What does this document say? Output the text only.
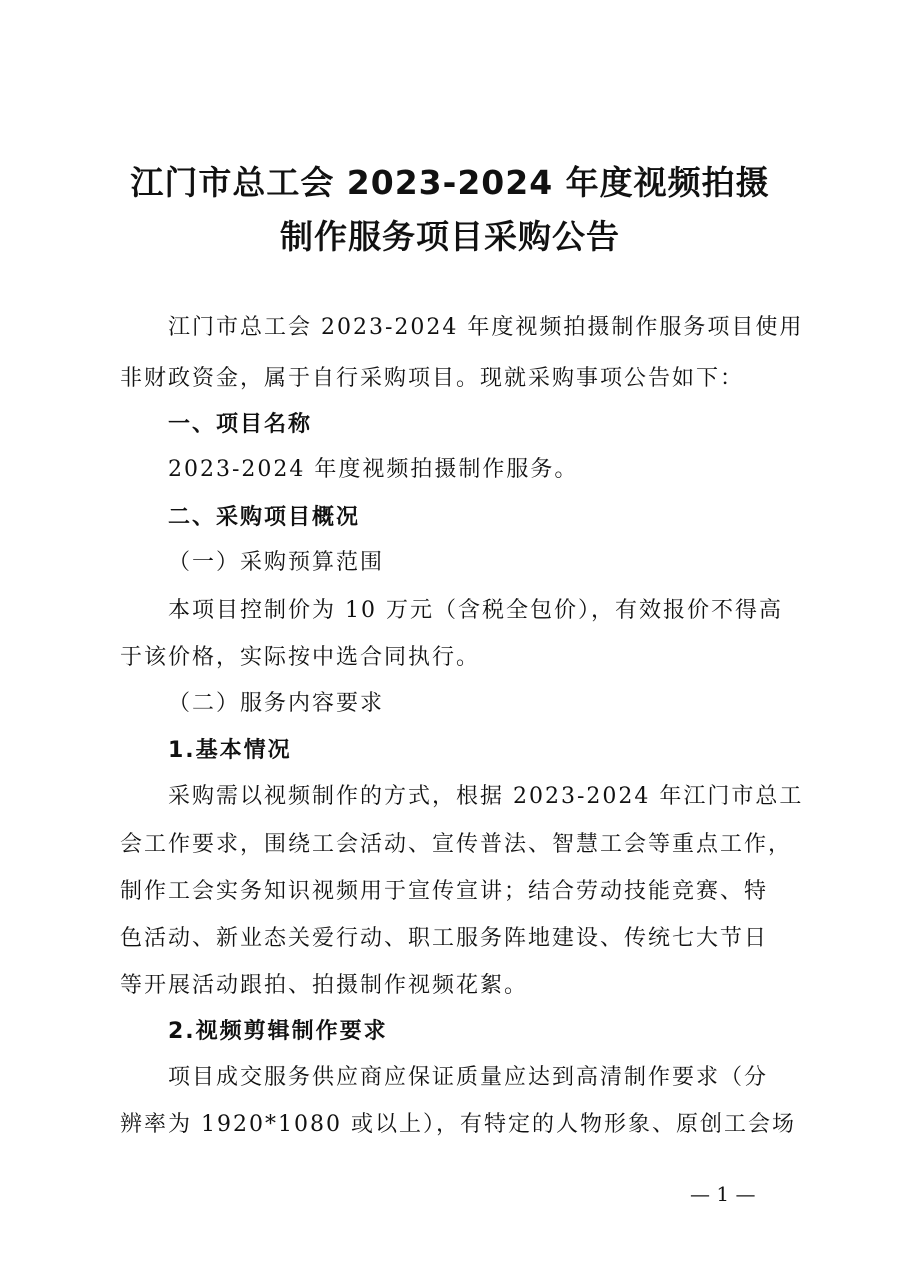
江门市总工会 2023-2024 年度视频拍摄
制作服务项目采购公告
江门市总工会 2023-2024 年度视频拍摄制作服务项目使用
非财政资金，属于自行采购项目。现就采购事项公告如下：
一、项目名称
2023-2024 年度视频拍摄制作服务。
二、采购项目概况
（一）采购预算范围
本项目控制价为 10 万元（含税全包价），有效报价不得高
于该价格，实际按中选合同执行。
（二）服务内容要求
1.基本情况
采购需以视频制作的方式，根据 2023-2024 年江门市总工
会工作要求，围绕工会活动、宣传普法、智慧工会等重点工作，
制作工会实务知识视频用于宣传宣讲；结合劳动技能竞赛、特
色活动、新业态关爱行动、职工服务阵地建设、传统七大节日
等开展活动跟拍、拍摄制作视频花絮。
2.视频剪辑制作要求
项目成交服务供应商应保证质量应达到高清制作要求（分
辨率为 1920*1080 或以上），有特定的人物形象、原创工会场
— 1 —
